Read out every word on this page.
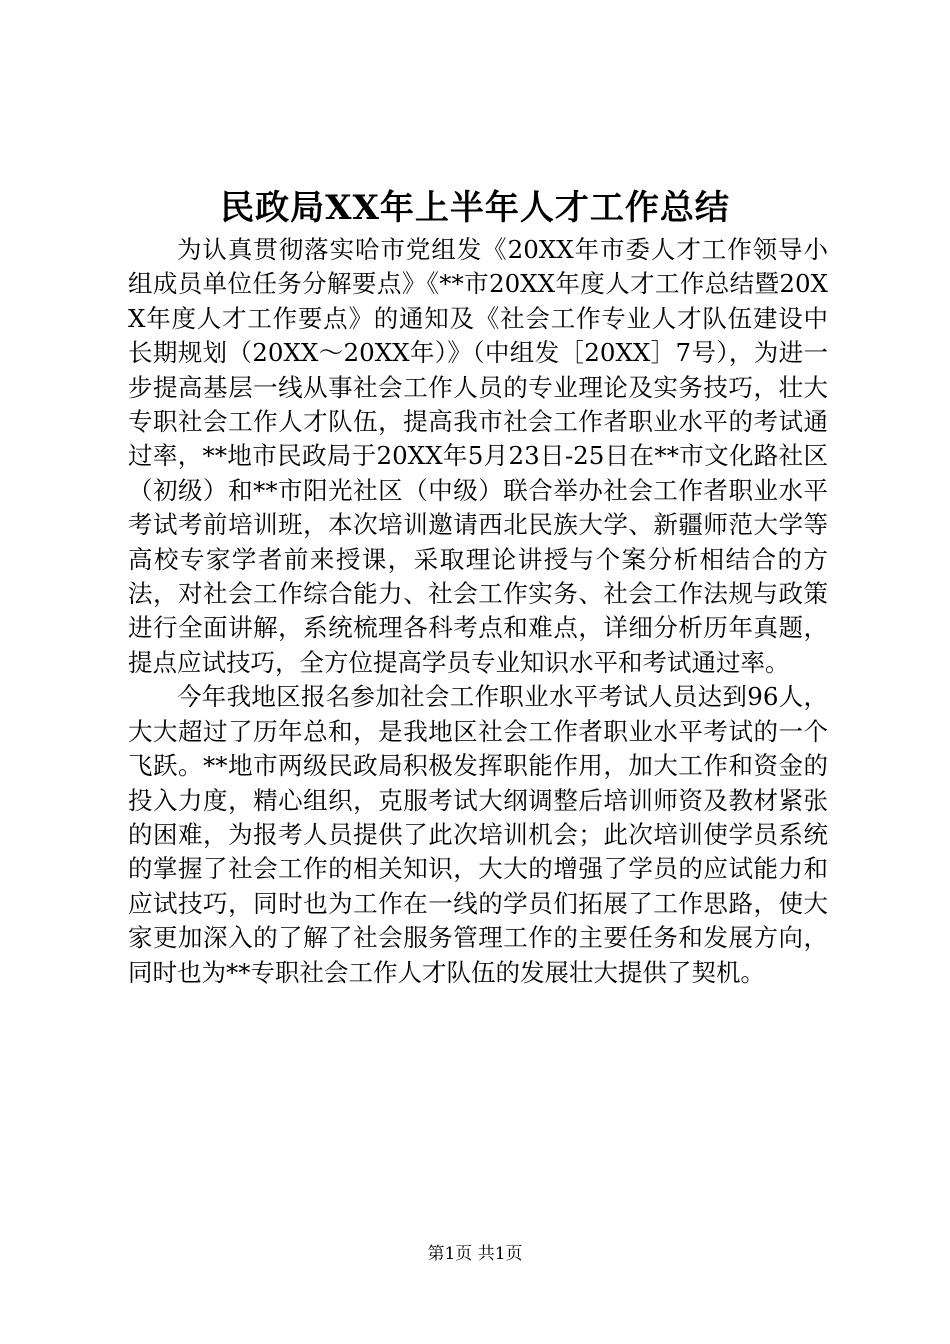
民政局XX年上半年人才工作总结

为认真贯彻落实哈市党组发《20XX年市委人才工作领导小组成员单位任务分解要点》《**市20XX年度人才工作总结暨20XX年度人才工作要点》的通知及《社会工作专业人才队伍建设中长期规划（20XX～20XX年）》（中组发［20XX］7号），为进一步提高基层一线从事社会工作人员的专业理论及实务技巧，壮大专职社会工作人才队伍，提高我市社会工作者职业水平的考试通过率，**地市民政局于20XX年5月23日-25日在**市文化路社区（初级）和**市阳光社区（中级）联合举办社会工作者职业水平考试考前培训班，本次培训邀请西北民族大学、新疆师范大学等高校专家学者前来授课，采取理论讲授与个案分析相结合的方法，对社会工作综合能力、社会工作实务、社会工作法规与政策进行全面讲解，系统梳理各科考点和难点，详细分析历年真题，提点应试技巧，全方位提高学员专业知识水平和考试通过率。

今年我地区报名参加社会工作职业水平考试人员达到96人，大大超过了历年总和，是我地区社会工作者职业水平考试的一个飞跃。**地市两级民政局积极发挥职能作用，加大工作和资金的投入力度，精心组织，克服考试大纲调整后培训师资及教材紧张的困难，为报考人员提供了此次培训机会；此次培训使学员系统的掌握了社会工作的相关知识，大大的增强了学员的应试能力和应试技巧，同时也为工作在一线的学员们拓展了工作思路，使大家更加深入的了解了社会服务管理工作的主要任务和发展方向，同时也为**专职社会工作人才队伍的发展壮大提供了契机。

第1页 共1页
